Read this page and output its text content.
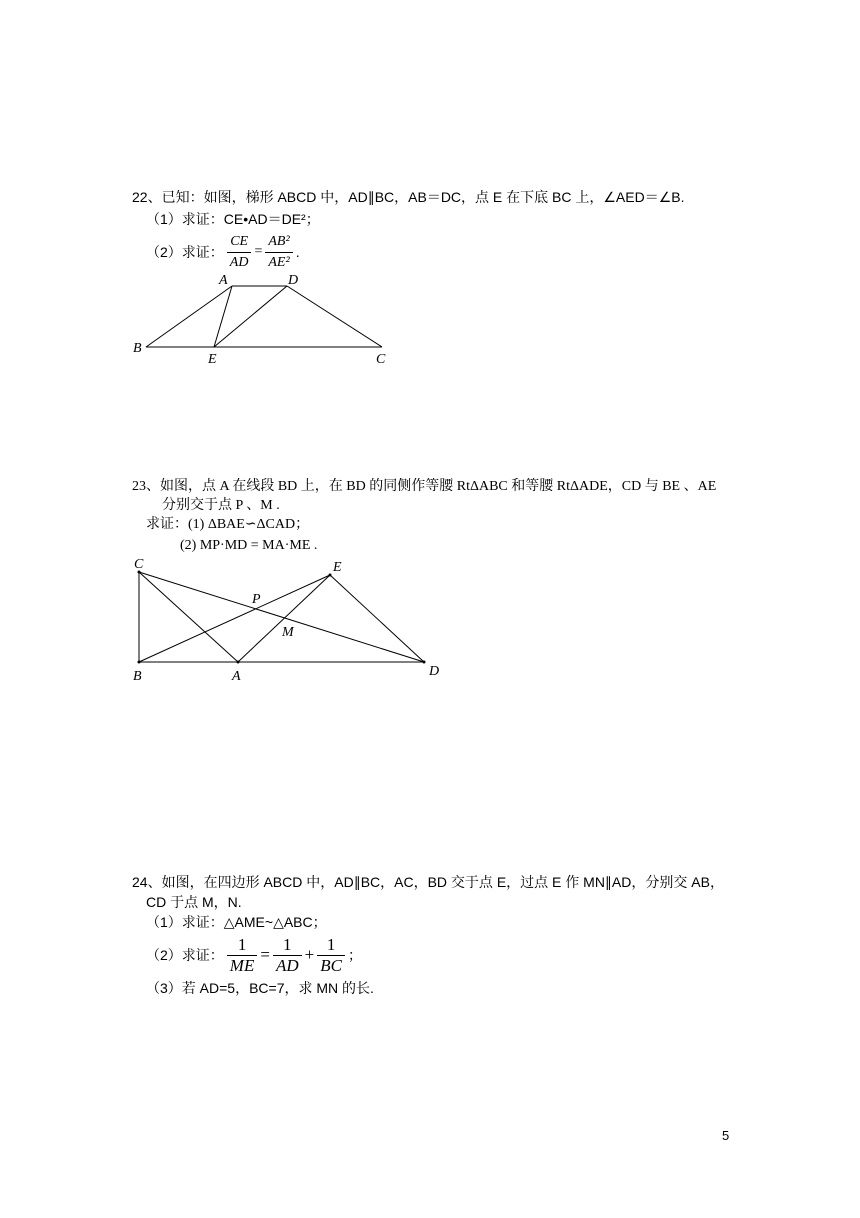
22、已知：如图，梯形 ABCD 中，AD∥BC，AB＝DC，点 E 在下底 BC 上，∠AED＝∠B.
（1）求证：CE•AD＝DE²；
（2）求证： $\frac{CE}{AD} = \frac{\text{AB²}}{\text{AE²}}$ .
A	D
B
E	C
23、如图，点 A 在线段 BD 上，在 BD 的同侧作等腰 RtΔABC 和等腰 RtΔADE，CD 与 BE 、AE
分别交于点 P 、M .
求证：(1) ΔBAE∽ΔCAD；
(2) MP·MD = MA·ME .
C	E
P
M
B	A	D
24、如图，在四边形 ABCD 中，AD∥BC，AC，BD 交于点 E，过点 E 作 MN∥AD，分别交 AB，
CD 于点 M，N.
（1）求证：△AME~△ABC；
（2）求证： $\frac{1}{ME} = \frac{1}{AD} + \frac{1}{BC}$ ；
（3）若 AD=5，BC=7，求 MN 的长.
5
